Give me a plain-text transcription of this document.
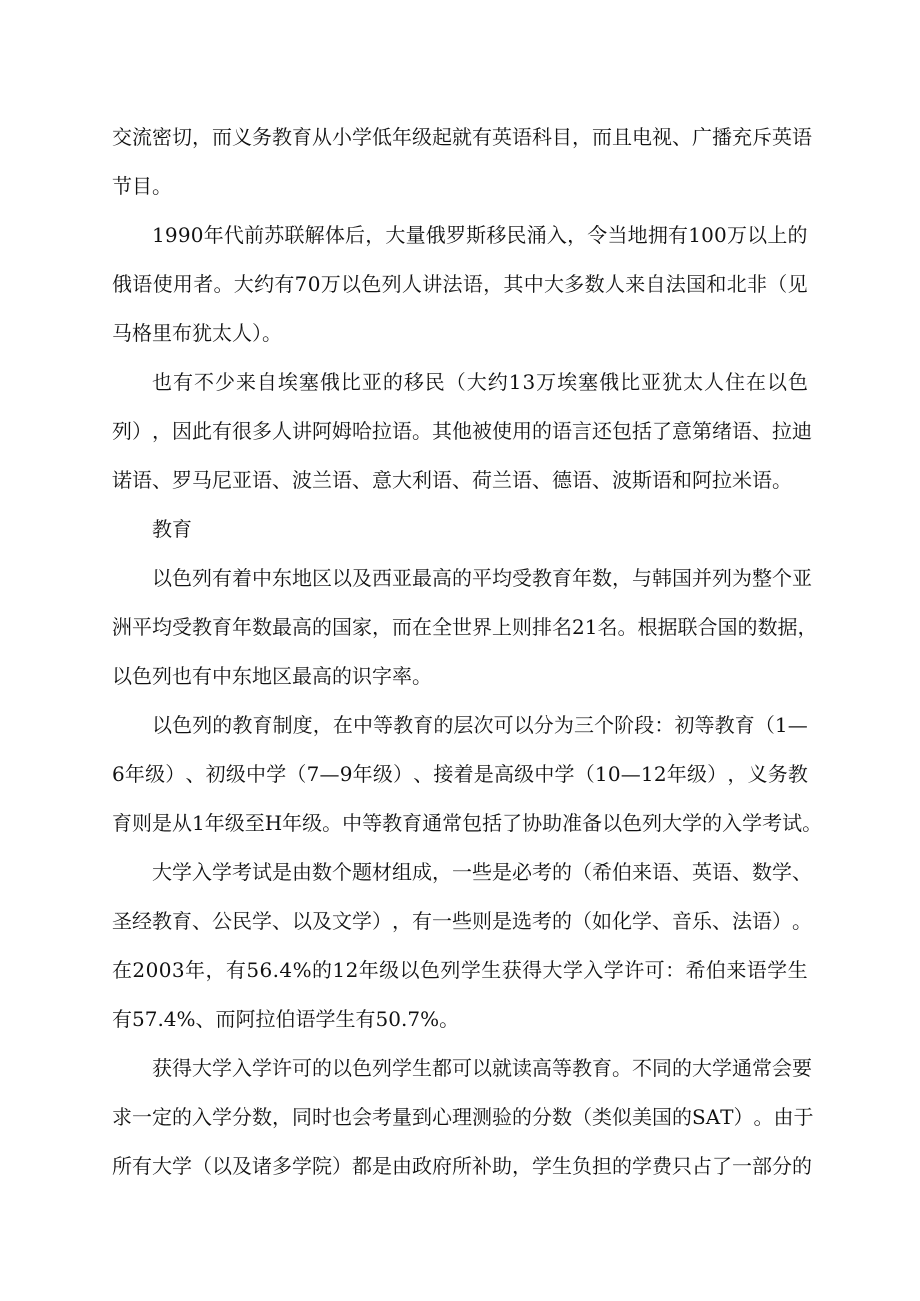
交 流 密 切 ， 而 义 务 教 育 从 小 学 低 年 级 起 就 有 英 语 科 目 ， 而 且 电 视 、 广 播 充 斥 英 语
节目。
1 9 9 0 年 代 前 苏 联 解 体 后 ， 大 量 俄 罗 斯 移 民 涌 入 ， 令 当 地 拥 有 1 0 0 万 以 上 的
俄 语 使 用 者 。 大 约 有 7 0 万 以 色 列 人 讲 法 语 ， 其 中 大 多 数 人 来 自 法 国 和 北 非 （ 见
马格里布犹太人）。
也 有 不 少 来 自 埃 塞 俄 比 亚 的 移 民 （ 大 约 1 3 万 埃 塞 俄 比 亚 犹 太 人 住 在 以 色
列 ） ， 因 此 有 很 多 人 讲 阿 姆 哈 拉 语 。 其 他 被 使 用 的 语 言 还 包 括 了 意 第 绪 语 、 拉 迪
诺语、罗马尼亚语、波兰语、意大利语、荷兰语、德语、波斯语和阿拉米语。
教育
以 色 列 有 着 中 东 地 区 以 及 西 亚 最 高 的 平 均 受 教 育 年 数 ， 与 韩 国 并 列 为 整 个 亚
洲 平 均 受 教 育 年 数 最 高 的 国 家 ， 而 在 全 世 界 上 则 排 名 2 1 名 。 根 据 联 合 国 的 数 据 ，
以色列也有中东地区最高的识字率。
以 色 列 的 教 育 制 度 ， 在 中 等 教 育 的 层 次 可 以 分 为 三 个 阶 段 ： 初 等 教 育 （ 1 —
6 年 级 ） 、 初 级 中 学 （ 7 — 9 年 级 ） 、 接 着 是 高 级 中 学 （ 1 0 — 1 2 年 级 ） ， 义 务 教
育则是从1年级至H年级。中等教育通常包括了协助准备以色列大学的入学考试。
大 学 入 学 考 试 是 由 数 个 题 材 组 成 ， 一 些 是 必 考 的 （ 希 伯 来 语 、 英 语 、 数 学 、
圣 经 教 育 、 公 民 学 、 以 及 文 学 ） ， 有 一 些 则 是 选 考 的 （ 如 化 学 、 音 乐 、 法 语 ） 。
在 2 0 0 3 年 ， 有 5 6 . 4 % 的 1 2 年 级 以 色 列 学 生 获 得 大 学 入 学 许 可 ： 希 伯 来 语 学 生
有57.4%、而阿拉伯语学生有50.7%。
获 得 大 学 入 学 许 可 的 以 色 列 学 生 都 可 以 就 读 高 等 教 育 。 不 同 的 大 学 通 常 会 要
求 一 定 的 入 学 分 数 ， 同 时 也 会 考 量 到 心 理 测 验 的 分 数 （ 类 似 美 国 的 S A T ） 。 由 于
所有大学（以及诸多学院）都是由政府所补助，学生负担的学费只占了一部分的
